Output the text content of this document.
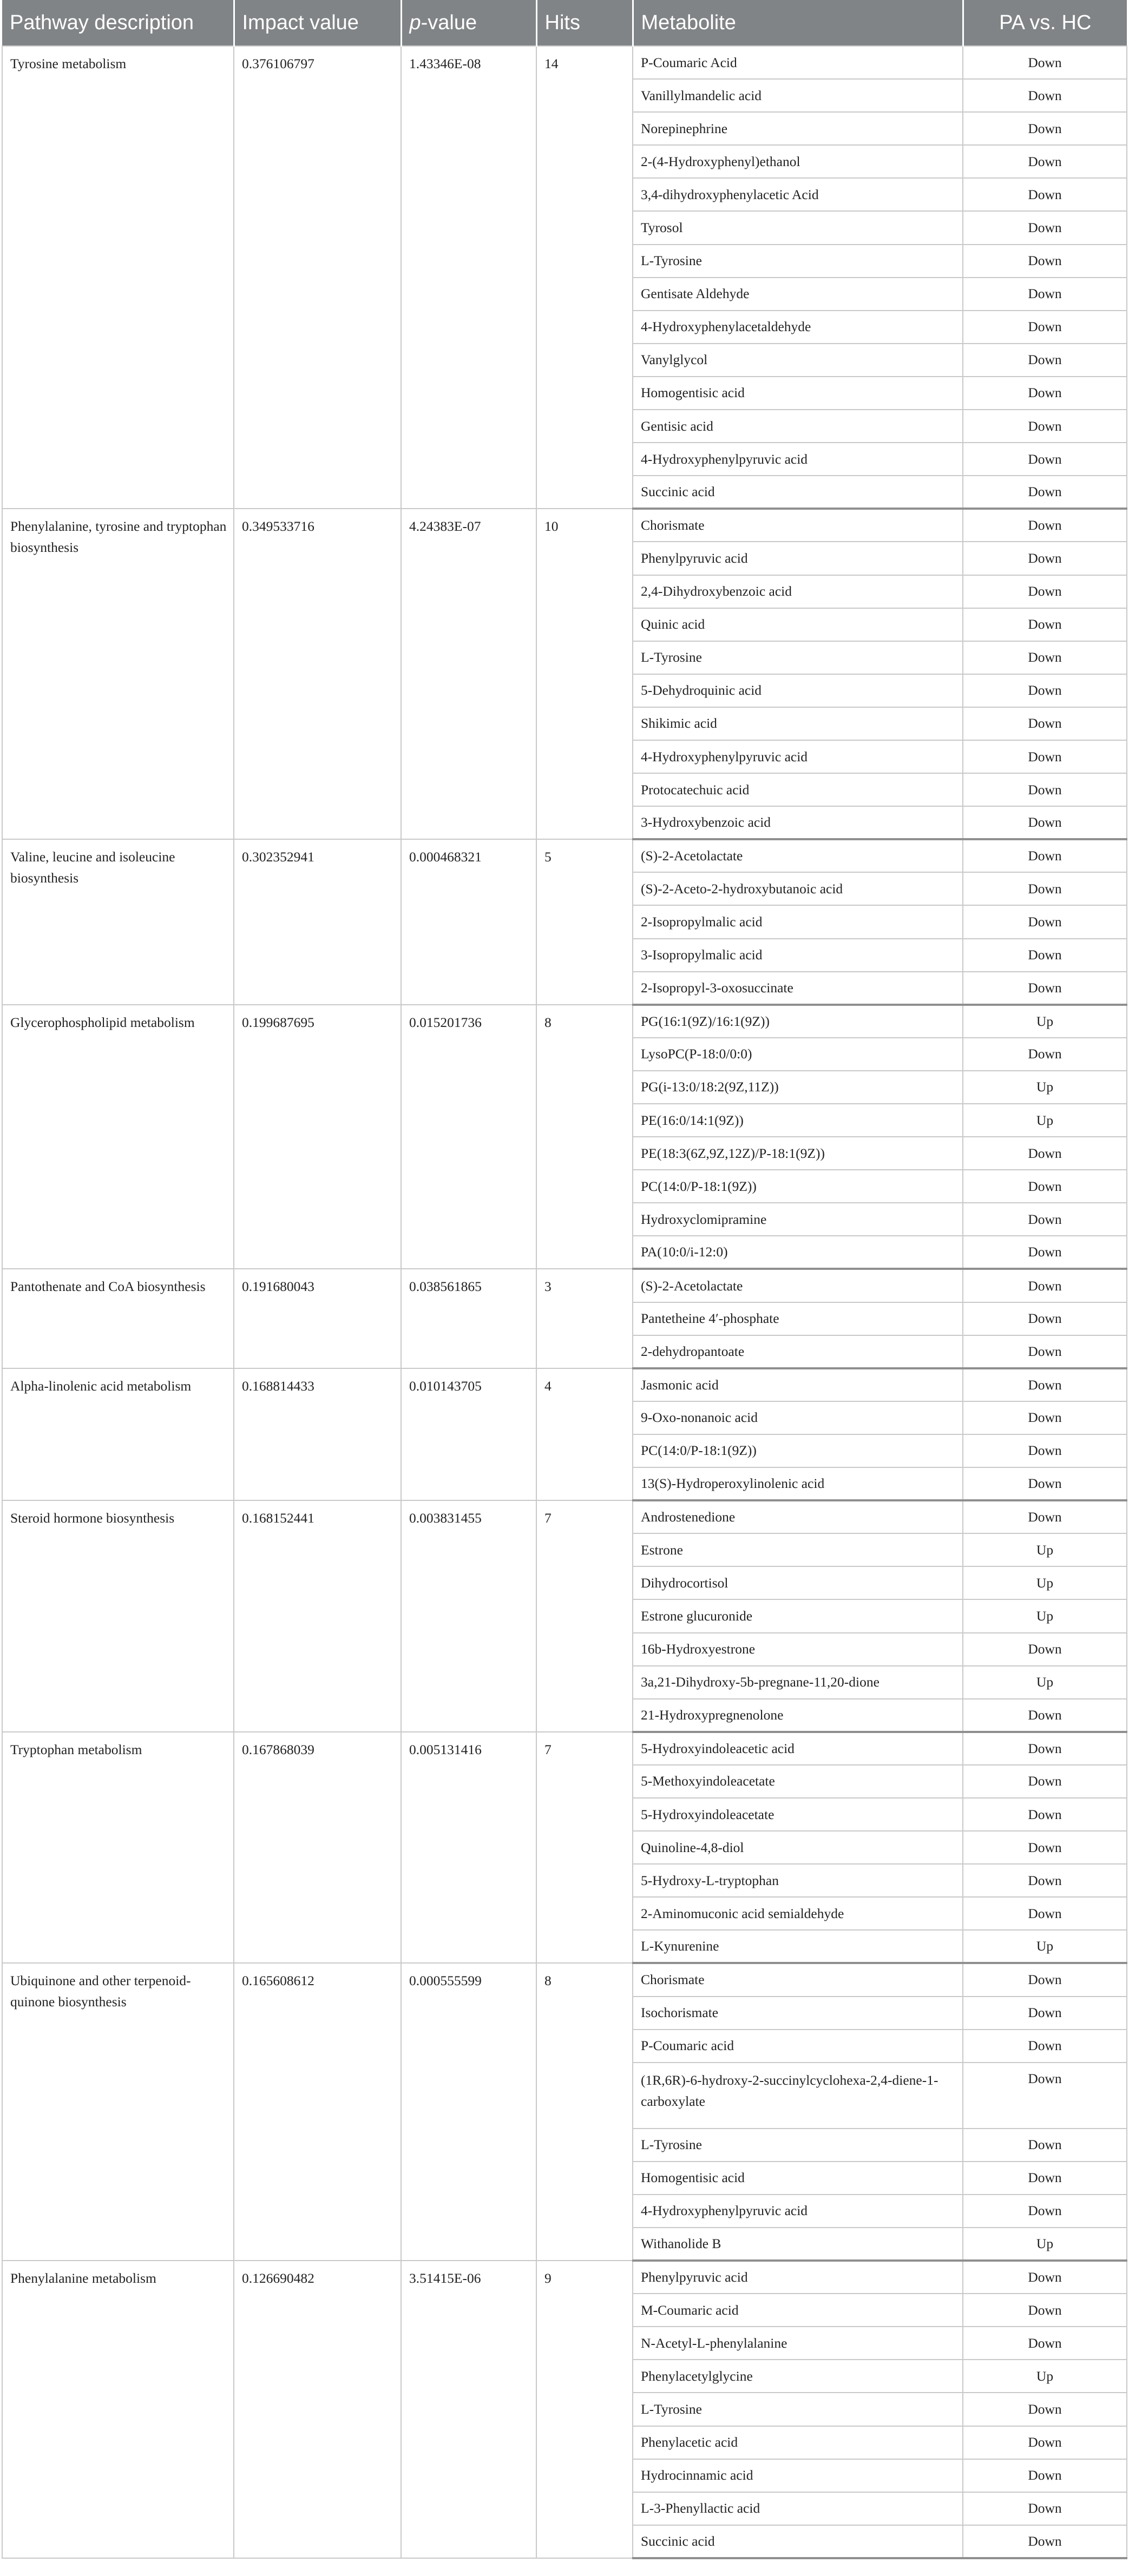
Pathway description	Impact value	p-value	Hits	Metabolite	PA vs. HC
Tyrosine metabolism	0.376106797	1.43346E-08	14	P-Coumaric Acid	Down
				Vanillylmandelic acid	Down
				Norepinephrine	Down
				2-(4-Hydroxyphenyl)ethanol	Down
				3,4-dihydroxyphenylacetic Acid	Down
				Tyrosol	Down
				L-Tyrosine	Down
				Gentisate Aldehyde	Down
				4-Hydroxyphenylacetaldehyde	Down
				Vanylglycol	Down
				Homogentisic acid	Down
				Gentisic acid	Down
				4-Hydroxyphenylpyruvic acid	Down
				Succinic acid	Down
Phenylalanine, tyrosine and tryptophan biosynthesis	0.349533716	4.24383E-07	10	Chorismate	Down
				Phenylpyruvic acid	Down
				2,4-Dihydroxybenzoic acid	Down
				Quinic acid	Down
				L-Tyrosine	Down
				5-Dehydroquinic acid	Down
				Shikimic acid	Down
				4-Hydroxyphenylpyruvic acid	Down
				Protocatechuic acid	Down
				3-Hydroxybenzoic acid	Down
Valine, leucine and isoleucine biosynthesis	0.302352941	0.000468321	5	(S)-2-Acetolactate	Down
				(S)-2-Aceto-2-hydroxybutanoic acid	Down
				2-Isopropylmalic acid	Down
				3-Isopropylmalic acid	Down
				2-Isopropyl-3-oxosuccinate	Down
Glycerophospholipid metabolism	0.199687695	0.015201736	8	PG(16:1(9Z)/16:1(9Z))	Up
				LysoPC(P-18:0/0:0)	Down
				PG(i-13:0/18:2(9Z,11Z))	Up
				PE(16:0/14:1(9Z))	Up
				PE(18:3(6Z,9Z,12Z)/P-18:1(9Z))	Down
				PC(14:0/P-18:1(9Z))	Down
				Hydroxyclomipramine	Down
				PA(10:0/i-12:0)	Down
Pantothenate and CoA biosynthesis	0.191680043	0.038561865	3	(S)-2-Acetolactate	Down
				Pantetheine 4′-phosphate	Down
				2-dehydropantoate	Down
Alpha-linolenic acid metabolism	0.168814433	0.010143705	4	Jasmonic acid	Down
				9-Oxo-nonanoic acid	Down
				PC(14:0/P-18:1(9Z))	Down
				13(S)-Hydroperoxylinolenic acid	Down
Steroid hormone biosynthesis	0.168152441	0.003831455	7	Androstenedione	Down
				Estrone	Up
				Dihydrocortisol	Up
				Estrone glucuronide	Up
				16b-Hydroxyestrone	Down
				3a,21-Dihydroxy-5b-pregnane-11,20-dione	Up
				21-Hydroxypregnenolone	Down
Tryptophan metabolism	0.167868039	0.005131416	7	5-Hydroxyindoleacetic acid	Down
				5-Methoxyindoleacetate	Down
				5-Hydroxyindoleacetate	Down
				Quinoline-4,8-diol	Down
				5-Hydroxy-L-tryptophan	Down
				2-Aminomuconic acid semialdehyde	Down
				L-Kynurenine	Up
Ubiquinone and other terpenoid-quinone biosynthesis	0.165608612	0.000555599	8	Chorismate	Down
				Isochorismate	Down
				P-Coumaric acid	Down
				(1R,6R)-6-hydroxy-2-succinylcyclohexa-2,4-diene-1-carboxylate	Down
				L-Tyrosine	Down
				Homogentisic acid	Down
				4-Hydroxyphenylpyruvic acid	Down
				Withanolide B	Up
Phenylalanine metabolism	0.126690482	3.51415E-06	9	Phenylpyruvic acid	Down
				M-Coumaric acid	Down
				N-Acetyl-L-phenylalanine	Down
				Phenylacetylglycine	Up
				L-Tyrosine	Down
				Phenylacetic acid	Down
				Hydrocinnamic acid	Down
				L-3-Phenyllactic acid	Down
				Succinic acid	Down
